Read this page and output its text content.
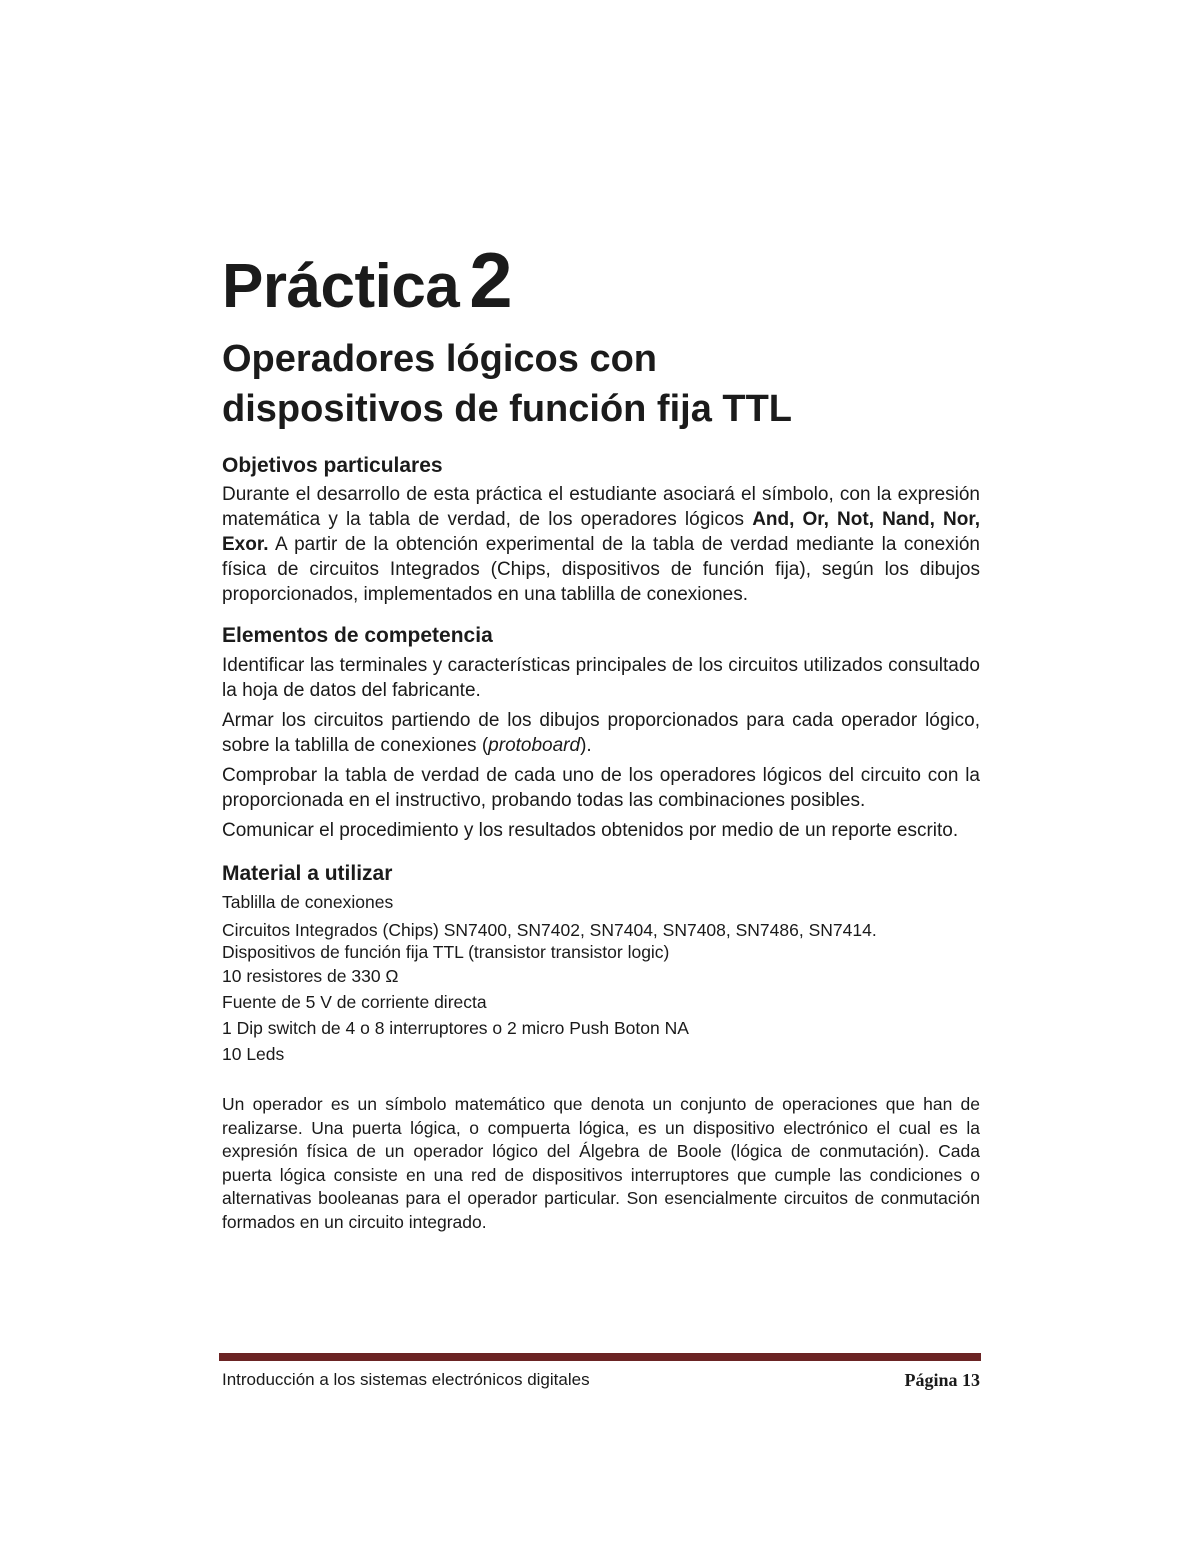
Práctica 2
Operadores lógicos con
dispositivos de función fija TTL
Objetivos particulares

Durante el desarrollo de esta práctica el estudiante asociará el símbolo, con la expresión matemática y la tabla de verdad, de los operadores lógicos And, Or, Not, Nand, Nor, Exor. A partir de la obtención experimental de la tabla de verdad mediante la conexión física de circuitos Integrados (Chips, dispositivos de función fija), según los dibujos proporcionados, implementados en una tablilla de conexiones.

Elementos de competencia

Identificar las terminales y características principales de los circuitos utilizados consultado la hoja de datos del fabricante.

Armar los circuitos partiendo de los dibujos proporcionados para cada operador lógico, sobre la tablilla de conexiones (protoboard).

Comprobar la tabla de verdad de cada uno de los operadores lógicos del circuito con la proporcionada en el instructivo, probando todas las combinaciones posibles.

Comunicar el procedimiento y los resultados obtenidos por medio de un reporte escrito.

Material a utilizar
Tablilla de conexiones
Circuitos Integrados (Chips) SN7400, SN7402, SN7404, SN7408, SN7486, SN7414.
Dispositivos de función fija TTL (transistor transistor logic)
10 resistores de 330 Ω
Fuente de 5 V de corriente directa
1 Dip switch de 4 o 8 interruptores o 2 micro Push Boton NA
10 Leds

Un operador es un símbolo matemático que denota un conjunto de operaciones que han de realizarse. Una puerta lógica, o compuerta lógica, es un dispositivo electrónico el cual es la expresión física de un operador lógico del Álgebra de Boole (lógica de conmutación). Cada puerta lógica consiste en una red de dispositivos interruptores que cumple las condiciones o alternativas booleanas para el operador particular. Son esencialmente circuitos de conmutación formados en un circuito integrado.

Introducción a los sistemas electrónicos digitales	Página 13
